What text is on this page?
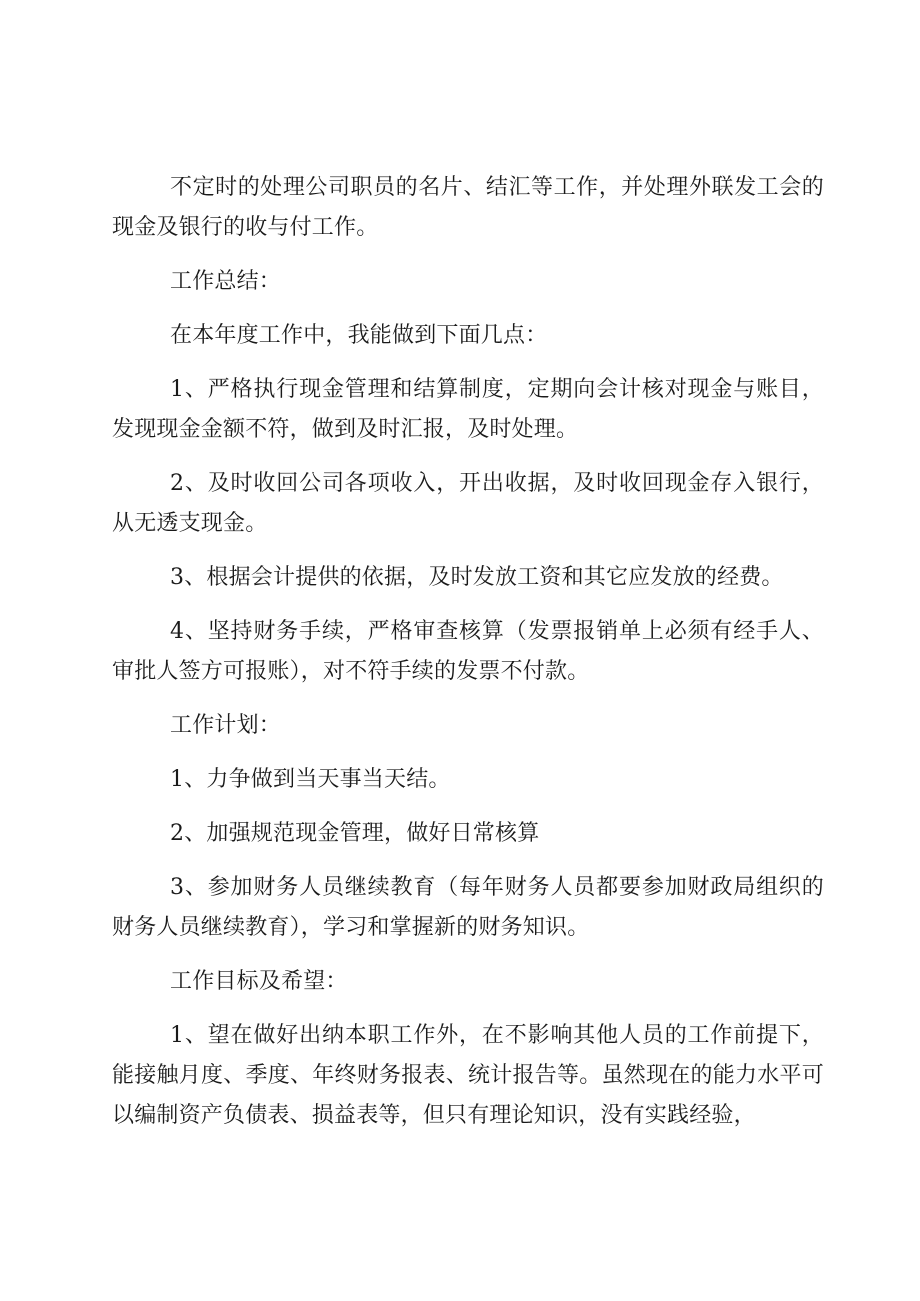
不定时的处理公司职员的名片、结汇等工作，并处理外联发工会的现金及银行的收与付工作。

工作总结：

在本年度工作中，我能做到下面几点：

1、严格执行现金管理和结算制度，定期向会计核对现金与账目，发现现金金额不符，做到及时汇报，及时处理。

2、及时收回公司各项收入，开出收据，及时收回现金存入银行，从无透支现金。

3、根据会计提供的依据，及时发放工资和其它应发放的经费。

4、坚持财务手续，严格审查核算（发票报销单上必须有经手人、审批人签方可报账），对不符手续的发票不付款。

工作计划：

1、力争做到当天事当天结。

2、加强规范现金管理，做好日常核算

3、参加财务人员继续教育（每年财务人员都要参加财政局组织的财务人员继续教育），学习和掌握新的财务知识。

工作目标及希望：

1、望在做好出纳本职工作外，在不影响其他人员的工作前提下，能接触月度、季度、年终财务报表、统计报告等。虽然现在的能力水平可以编制资产负债表、损益表等，但只有理论知识，没有实践经验，
